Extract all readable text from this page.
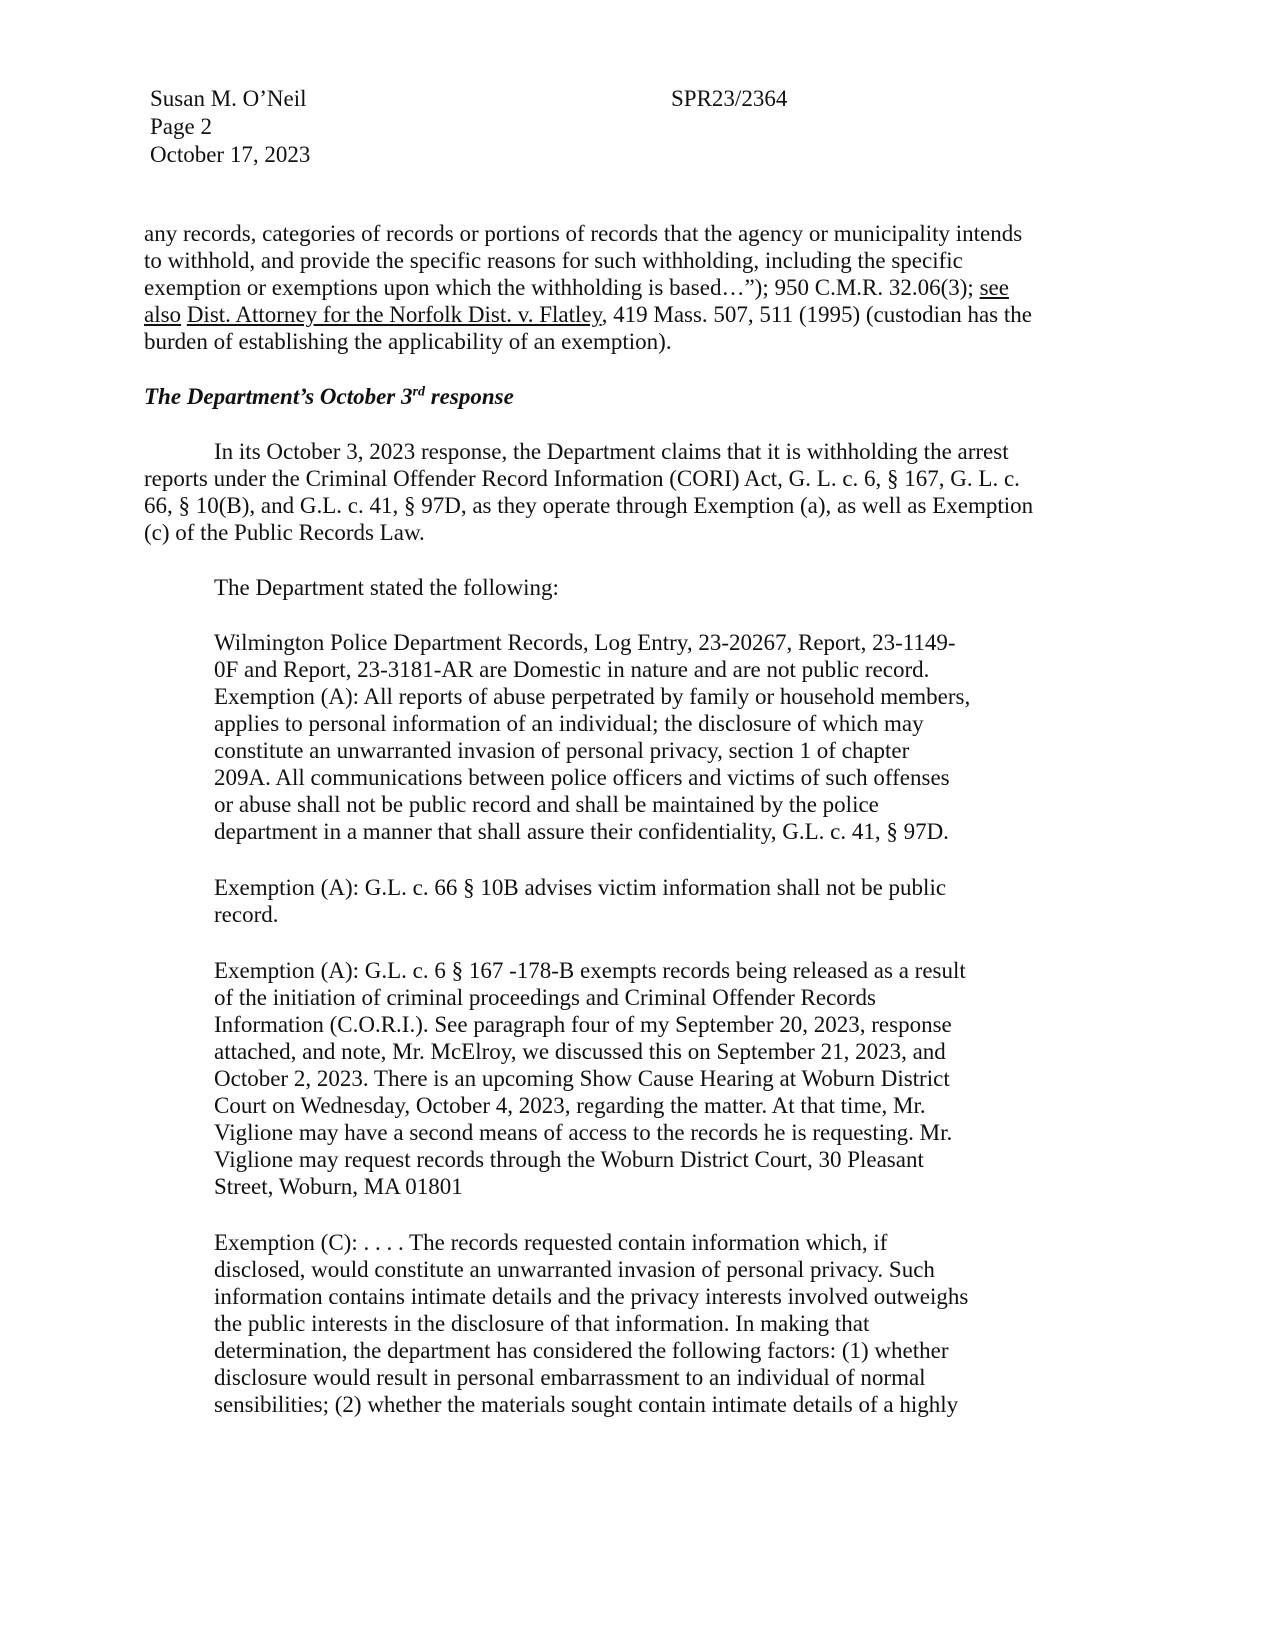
Susan M. O’Neil
Page 2
October 17, 2023
SPR23/2364
any records, categories of records or portions of records that the agency or municipality intends
to withhold, and provide the specific reasons for such withholding, including the specific
exemption or exemptions upon which the withholding is based…”); 950 C.M.R. 32.06(3); see
also Dist. Attorney for the Norfolk Dist. v. Flatley, 419 Mass. 507, 511 (1995) (custodian has the
burden of establishing the applicability of an exemption).
The Department’s October 3rd response
In its October 3, 2023 response, the Department claims that it is withholding the arrest
reports under the Criminal Offender Record Information (CORI) Act, G. L. c. 6, § 167, G. L. c.
66, § 10(B), and G.L. c. 41, § 97D, as they operate through Exemption (a), as well as Exemption
(c) of the Public Records Law.
The Department stated the following:
Wilmington Police Department Records, Log Entry, 23-20267, Report, 23-1149-
0F and Report, 23-3181-AR are Domestic in nature and are not public record.
Exemption (A): All reports of abuse perpetrated by family or household members,
applies to personal information of an individual; the disclosure of which may
constitute an unwarranted invasion of personal privacy, section 1 of chapter
209A. All communications between police officers and victims of such offenses
or abuse shall not be public record and shall be maintained by the police
department in a manner that shall assure their confidentiality, G.L. c. 41, § 97D.
Exemption (A): G.L. c. 66 § 10B advises victim information shall not be public
record.
Exemption (A): G.L. c. 6 § 167 -178-B exempts records being released as a result
of the initiation of criminal proceedings and Criminal Offender Records
Information (C.O.R.I.). See paragraph four of my September 20, 2023, response
attached, and note, Mr. McElroy, we discussed this on September 21, 2023, and
October 2, 2023. There is an upcoming Show Cause Hearing at Woburn District
Court on Wednesday, October 4, 2023, regarding the matter. At that time, Mr.
Viglione may have a second means of access to the records he is requesting. Mr.
Viglione may request records through the Woburn District Court, 30 Pleasant
Street, Woburn, MA 01801
Exemption (C): . . . . The records requested contain information which, if
disclosed, would constitute an unwarranted invasion of personal privacy. Such
information contains intimate details and the privacy interests involved outweighs
the public interests in the disclosure of that information. In making that
determination, the department has considered the following factors: (1) whether
disclosure would result in personal embarrassment to an individual of normal
sensibilities; (2) whether the materials sought contain intimate details of a highly
